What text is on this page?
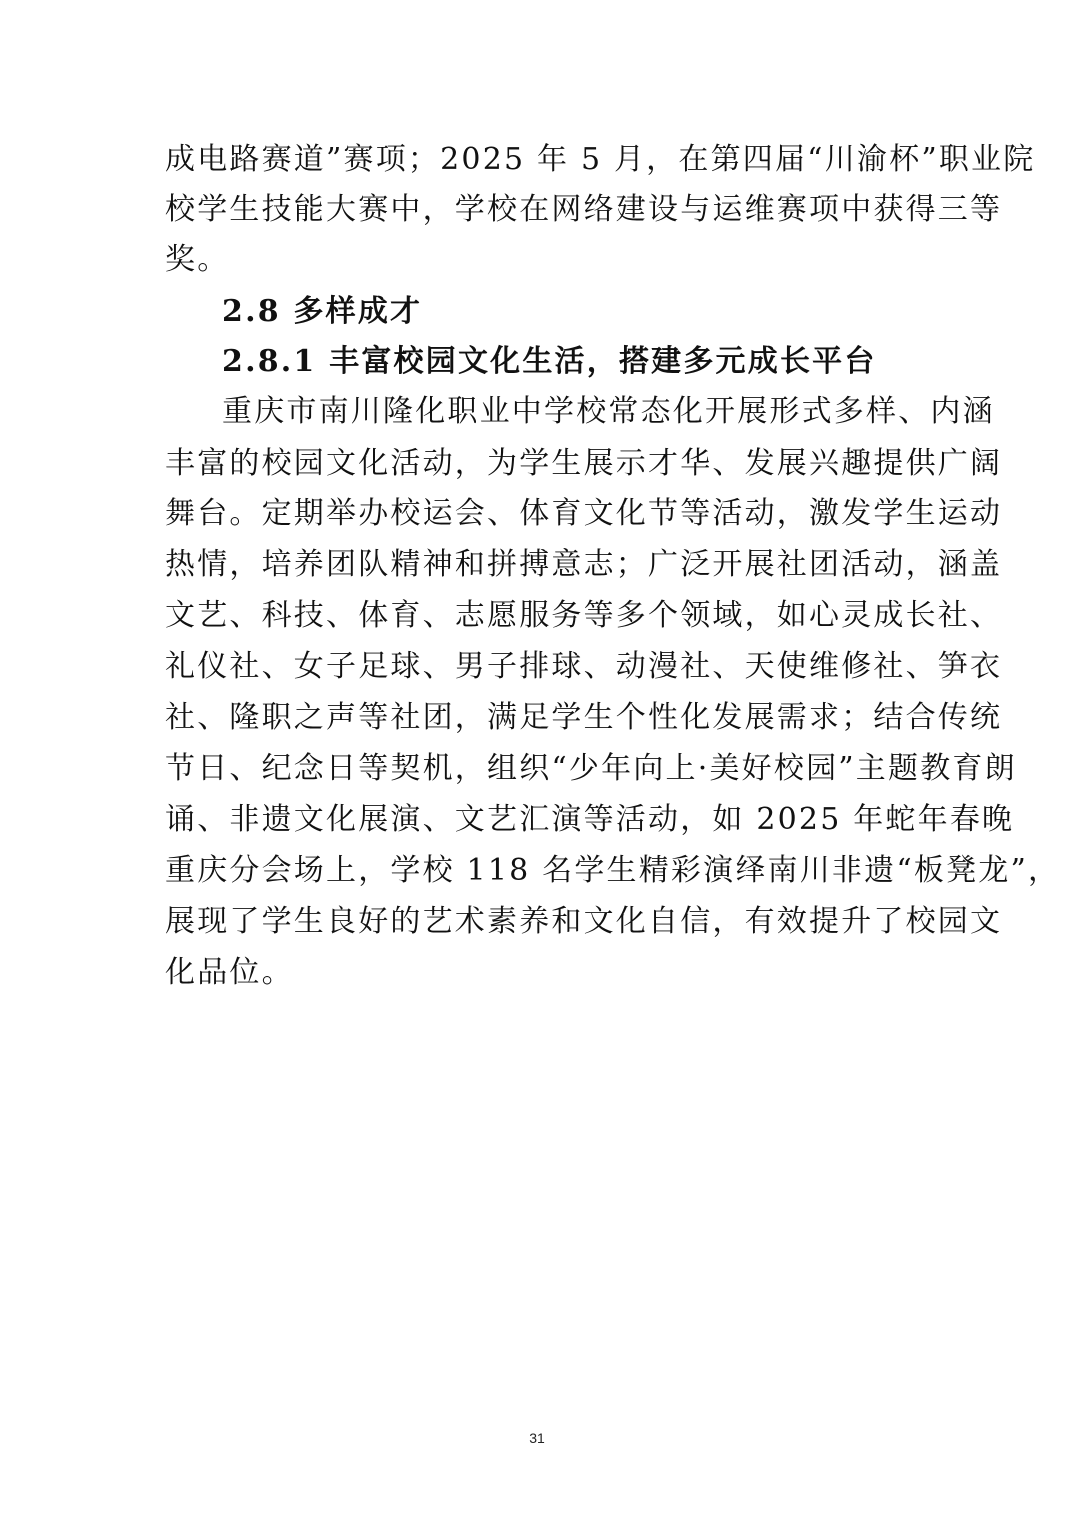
成电路赛道”赛项；2025 年 5 月，在第四届“川渝杯”职业院
校学生技能大赛中，学校在网络建设与运维赛项中获得三等
奖。
2.8 多样成才
2.8.1 丰富校园文化生活，搭建多元成长平台
重庆市南川隆化职业中学校常态化开展形式多样、内涵
丰富的校园文化活动，为学生展示才华、发展兴趣提供广阔
舞台。定期举办校运会、体育文化节等活动，激发学生运动
热情，培养团队精神和拼搏意志；广泛开展社团活动，涵盖
文艺、科技、体育、志愿服务等多个领域，如心灵成长社、
礼仪社、女子足球、男子排球、动漫社、天使维修社、笋衣
社、隆职之声等社团，满足学生个性化发展需求；结合传统
节日、纪念日等契机，组织“少年向上·美好校园”主题教育朗
诵、非遗文化展演、文艺汇演等活动，如 2025 年蛇年春晚
重庆分会场上，学校 118 名学生精彩演绎南川非遗“板凳龙”，
展现了学生良好的艺术素养和文化自信，有效提升了校园文
化品位。
31
